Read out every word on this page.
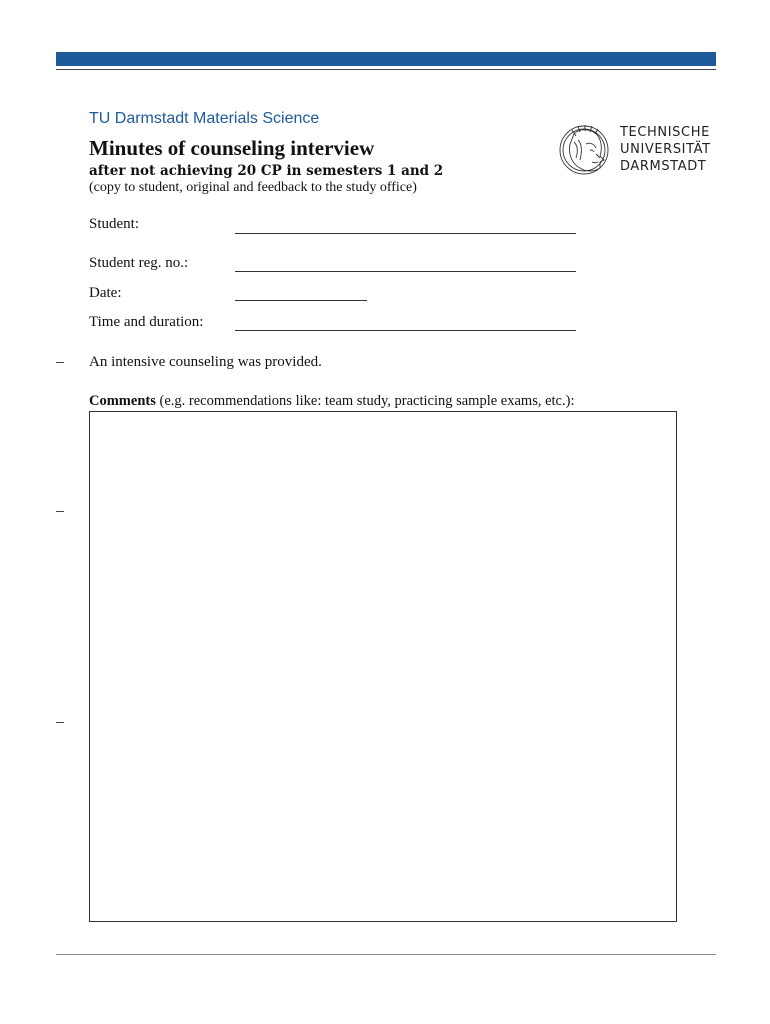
TU Darmstadt Materials Science
Minutes of counseling interview
after not achieving 20 CP in semesters 1 and 2
(copy to student, original and feedback to the study office)
TECHNISCHE
UNIVERSITÄT
DARMSTADT
Student:
Student reg. no.:
Date:
Time and duration:
An intensive counseling was provided.
Comments (e.g. recommendations like: team study, practicing sample exams, etc.):
